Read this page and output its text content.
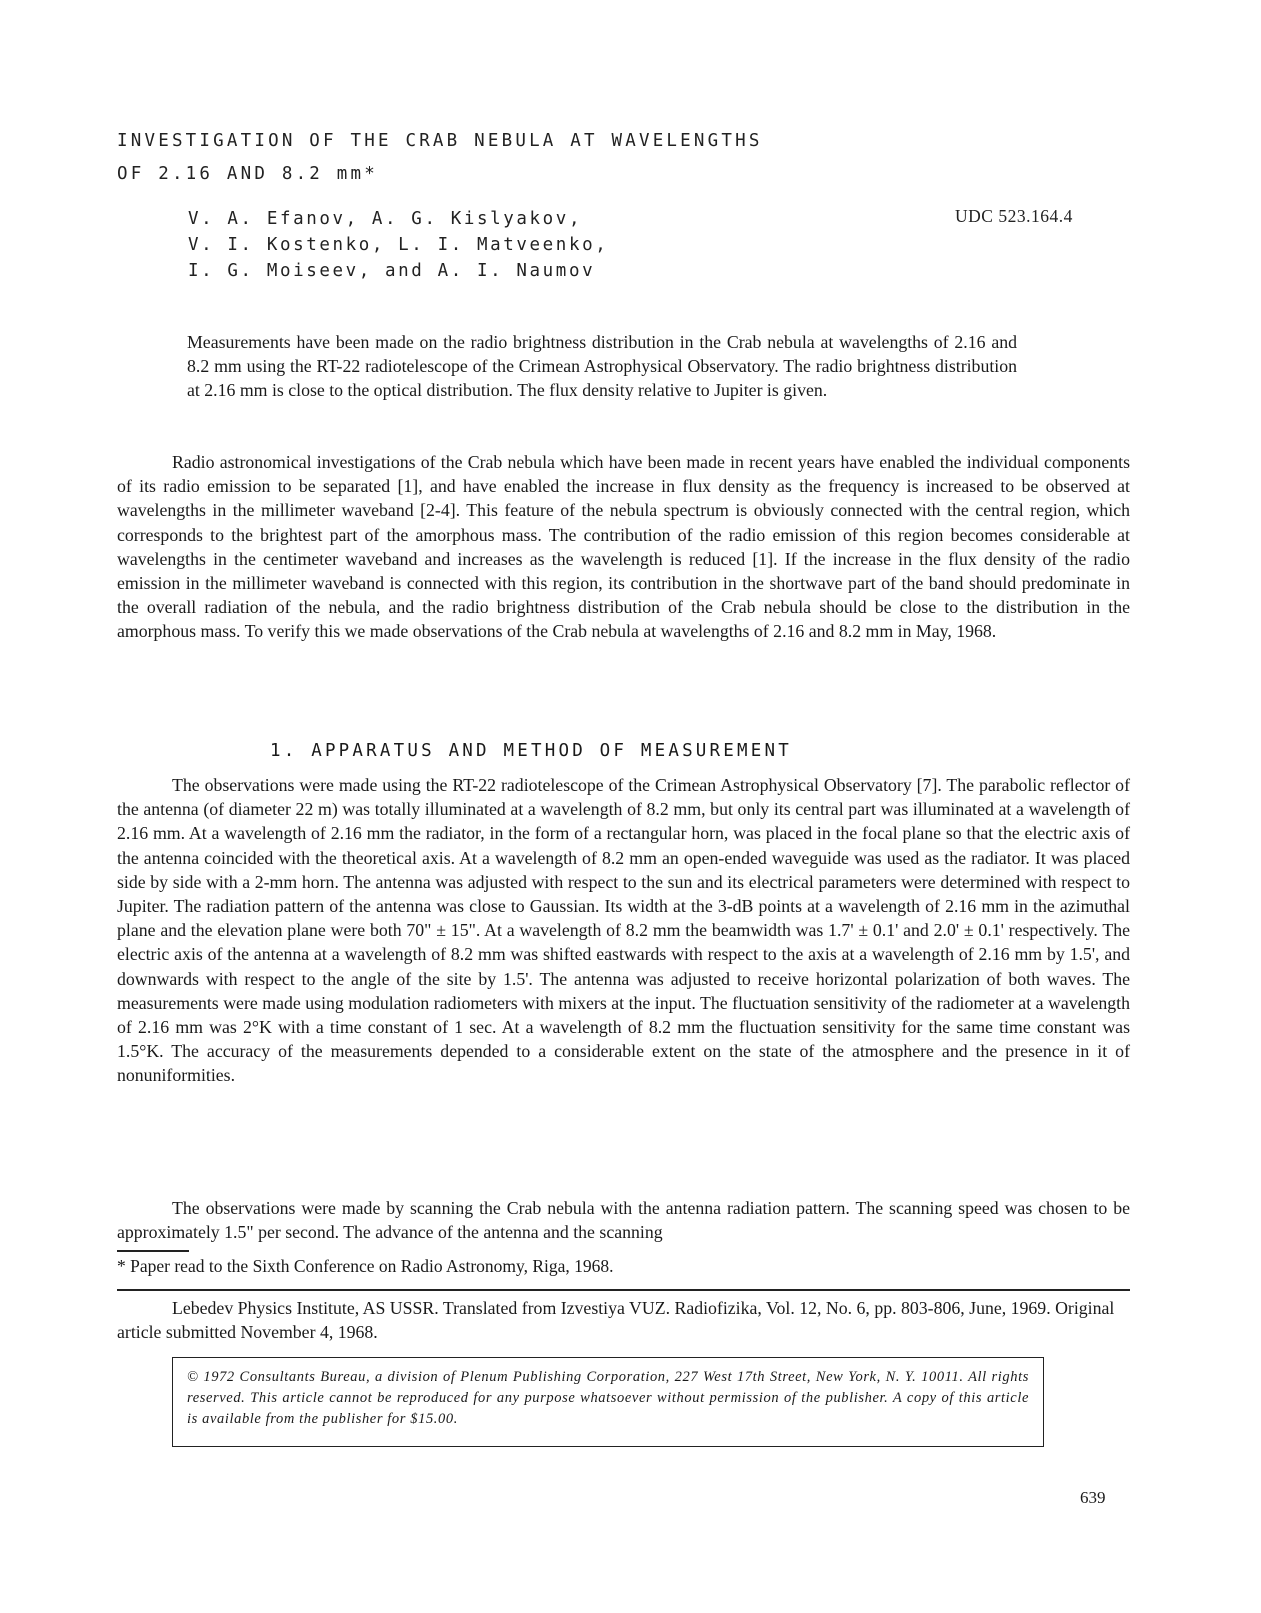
INVESTIGATION OF THE CRAB NEBULA AT WAVELENGTHS
OF 2.16 AND 8.2 mm*
V. A. Efanov, A. G. Kislyakov,
V. I. Kostenko, L. I. Matveenko,
I. G. Moiseev, and A. I. Naumov
UDC 523.164.4
Measurements have been made on the radio brightness distribution in the Crab nebula at wavelengths of 2.16 and 8.2 mm using the RT-22 radiotelescope of the Crimean Astrophysical Observatory. The radio brightness distribution at 2.16 mm is close to the optical distribution. The flux density relative to Jupiter is given.

Radio astronomical investigations of the Crab nebula which have been made in recent years have enabled the individual components of its radio emission to be separated [1], and have enabled the increase in flux density as the frequency is increased to be observed at wavelengths in the millimeter waveband [2-4]. This feature of the nebula spectrum is obviously connected with the central region, which corresponds to the brightest part of the amorphous mass. The contribution of the radio emission of this region becomes considerable at wavelengths in the centimeter waveband and increases as the wavelength is reduced [1]. If the increase in the flux density of the radio emission in the millimeter waveband is connected with this region, its contribution in the shortwave part of the band should predominate in the overall radiation of the nebula, and the radio brightness distribution of the Crab nebula should be close to the distribution in the amorphous mass. To verify this we made observations of the Crab nebula at wavelengths of 2.16 and 8.2 mm in May, 1968.

1. APPARATUS AND METHOD OF MEASUREMENT

The observations were made using the RT-22 radiotelescope of the Crimean Astrophysical Observatory [7]. The parabolic reflector of the antenna (of diameter 22 m) was totally illuminated at a wavelength of 8.2 mm, but only its central part was illuminated at a wavelength of 2.16 mm. At a wavelength of 2.16 mm the radiator, in the form of a rectangular horn, was placed in the focal plane so that the electric axis of the antenna coincided with the theoretical axis. At a wavelength of 8.2 mm an open-ended waveguide was used as the radiator. It was placed side by side with a 2-mm horn. The antenna was adjusted with respect to the sun and its electrical parameters were determined with respect to Jupiter. The radiation pattern of the antenna was close to Gaussian. Its width at the 3-dB points at a wavelength of 2.16 mm in the azimuthal plane and the elevation plane were both 70" ± 15". At a wavelength of 8.2 mm the beamwidth was 1.7' ± 0.1' and 2.0' ± 0.1' respectively. The electric axis of the antenna at a wavelength of 8.2 mm was shifted eastwards with respect to the axis at a wavelength of 2.16 mm by 1.5', and downwards with respect to the angle of the site by 1.5'. The antenna was adjusted to receive horizontal polarization of both waves. The measurements were made using modulation radiometers with mixers at the input. The fluctuation sensitivity of the radiometer at a wavelength of 2.16 mm was 2°K with a time constant of 1 sec. At a wavelength of 8.2 mm the fluctuation sensitivity for the same time constant was 1.5°K. The accuracy of the measurements depended to a considerable extent on the state of the atmosphere and the presence in it of nonuniformities.

The observations were made by scanning the Crab nebula with the antenna radiation pattern. The scanning speed was chosen to be approximately 1.5" per second. The advance of the antenna and the scanning

* Paper read to the Sixth Conference on Radio Astronomy, Riga, 1968.

Lebedev Physics Institute, AS USSR. Translated from Izvestiya VUZ. Radiofizika, Vol. 12, No. 6, pp. 803-806, June, 1969. Original article submitted November 4, 1968.

© 1972 Consultants Bureau, a division of Plenum Publishing Corporation, 227 West 17th Street, New York, N. Y. 10011. All rights reserved. This article cannot be reproduced for any purpose whatsoever without permission of the publisher. A copy of this article is available from the publisher for $15.00.
639
